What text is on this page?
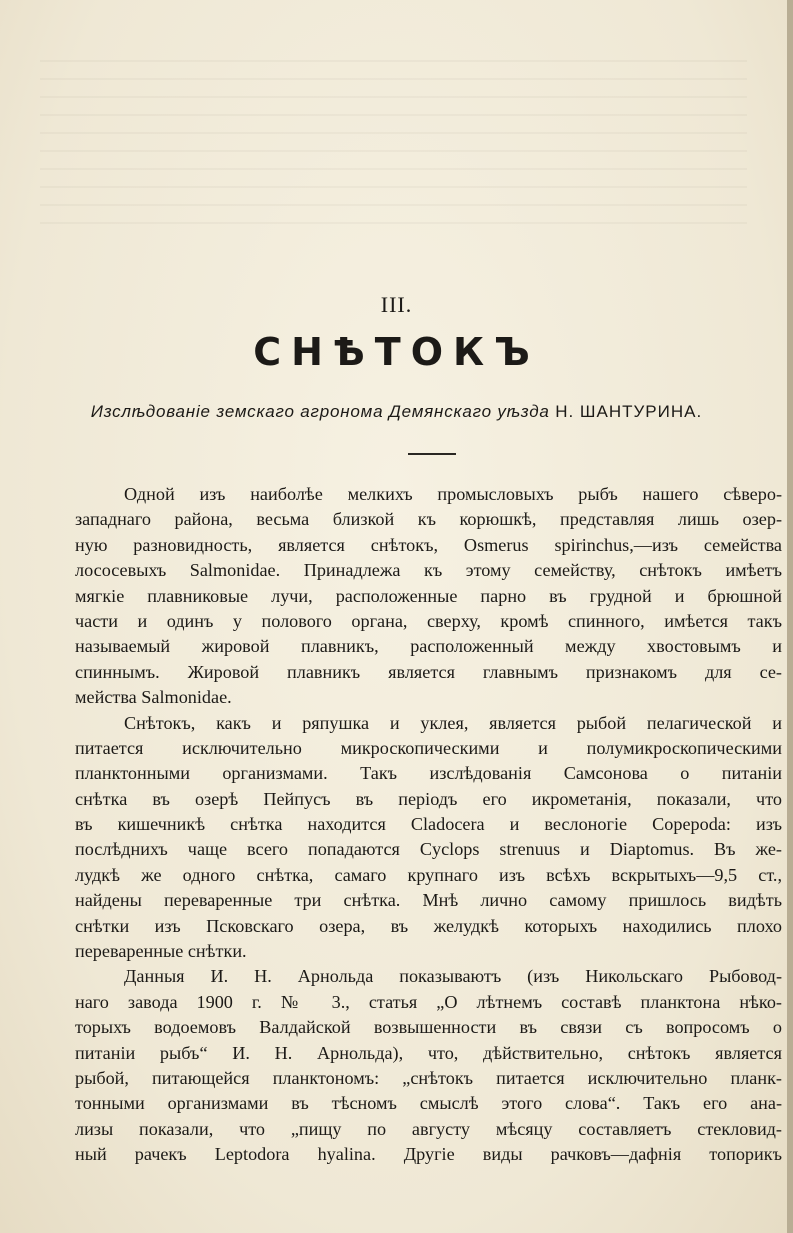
III.
СНѢТОКЪ
Изслѣдованіе земскаго агронома Демянскаго уѣзда Н. ШАНТУРИНА.

Одной изъ наиболѣе мелкихъ промысловыхъ рыбъ нашего сѣверо-

западнаго района, весьма близкой къ корюшкѣ, представляя лишь озер-

ную разновидность, является снѣтокъ, Osmerus spirinchus,—изъ семейства

лососевыхъ Salmonidae. Принадлежа къ этому семейству, снѣтокъ имѣетъ

мягкіе плавниковые лучи, расположенные парно въ грудной и брюшной

части и одинъ у полового органа, сверху, кромѣ спинного, имѣется такъ

называемый жировой плавникъ, расположенный между хвостовымъ и

спиннымъ. Жировой плавникъ является главнымъ признакомъ для се-

мейства Salmonidae.

Снѣтокъ, какъ и ряпушка и уклея, является рыбой пелагической и

питается исключительно микроскопическими и полумикроскопическими

планктонными организмами. Такъ изслѣдованія Самсонова о питаніи

снѣтка въ озерѣ Пейпусъ въ періодъ его икрометанія, показали, что

въ кишечникѣ снѣтка находится Cladocera и веслоногіе Copepoda: изъ

послѣднихъ чаще всего попадаются Cyclops strenuus и Diaptomus. Въ же-

лудкѣ же одного снѣтка, самаго крупнаго изъ всѣхъ вскрытыхъ—9,5 ст.,

найдены переваренные три снѣтка. Мнѣ лично самому пришлось видѣть

снѣтки изъ Псковскаго озера, въ желудкѣ которыхъ находились плохо

переваренные снѣтки.

Данныя И. Н. Арнольда показываютъ (изъ Никольскаго Рыбовод-

наго завода 1900 г. № 3., статья „О лѣтнемъ составѣ планктона нѣко-

торыхъ водоемовъ Валдайской возвышенности въ связи съ вопросомъ о

питаніи рыбъ“ И. Н. Арнольда), что, дѣйствительно, снѣтокъ является

рыбой, питающейся планктономъ: „снѣтокъ питается исключительно планк-

тонными организмами въ тѣсномъ смыслѣ этого слова“. Такъ его ана-

лизы показали, что „пищу по августу мѣсяцу составляетъ стекловид-

ный рачекъ Leptodora hyalina. Другіе виды рачковъ—дафнія топорикъ
